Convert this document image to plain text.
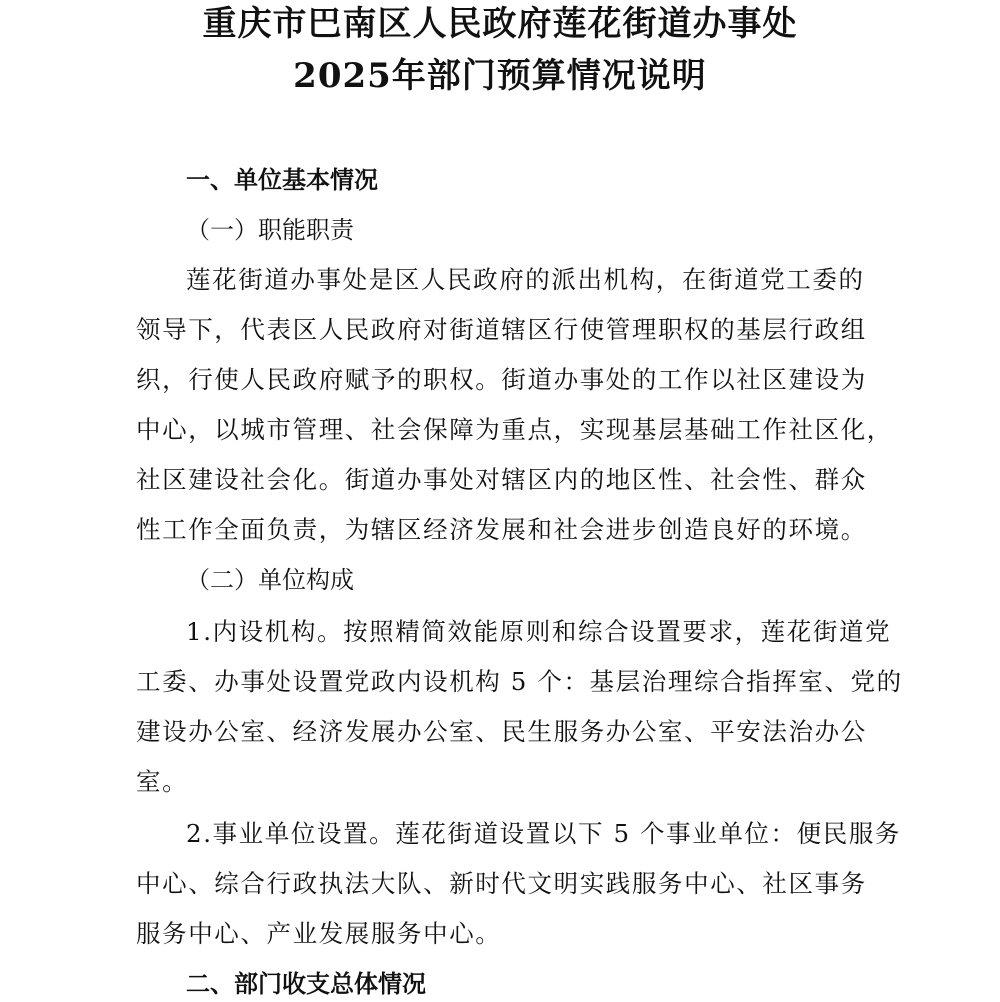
重庆市巴南区人民政府莲花街道办事处
2025年部门预算情况说明
一、单位基本情况
（一）职能职责
莲花街道办事处是区人民政府的派出机构，在街道党工委的
领导下，代表区人民政府对街道辖区行使管理职权的基层行政组
织，行使人民政府赋予的职权。街道办事处的工作以社区建设为
中心，以城市管理、社会保障为重点，实现基层基础工作社区化，
社区建设社会化。街道办事处对辖区内的地区性、社会性、群众
性工作全面负责，为辖区经济发展和社会进步创造良好的环境。
（二）单位构成
1.内设机构。按照精简效能原则和综合设置要求，莲花街道党
工委、办事处设置党政内设机构 5 个：基层治理综合指挥室、党的
建设办公室、经济发展办公室、民生服务办公室、平安法治办公
室。
2.事业单位设置。莲花街道设置以下 5 个事业单位：便民服务
中心、综合行政执法大队、新时代文明实践服务中心、社区事务
服务中心、产业发展服务中心。
二、部门收支总体情况
